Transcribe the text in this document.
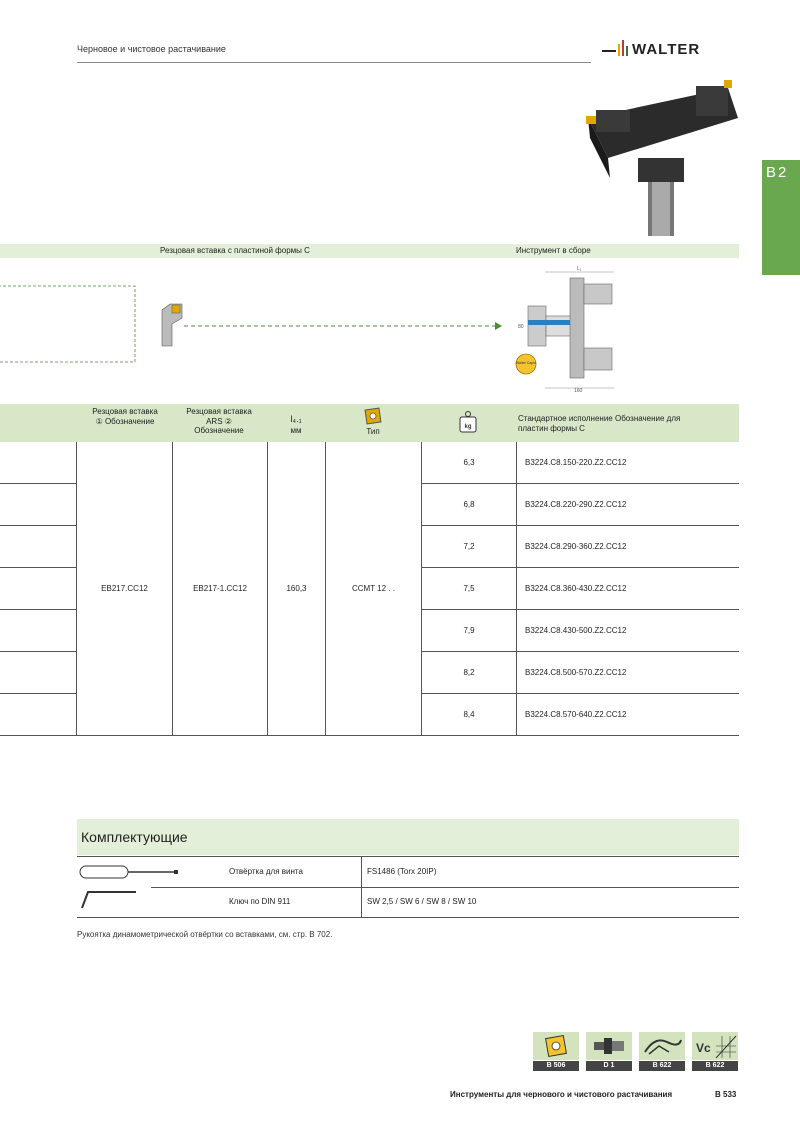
Черновое и чистовое растачивание	WALTER
B2
Резцовая вставка с пластиной формы С	Инструмент в сборе
L₁
80
160
Walter Capto
Резцовая вставка ① Обозначение
Резцовая вставка ARS ② Обозначение
l₄.₁
мм	Тип	kg
Стандартное исполнение Обозначение для пластин формы С
	EB217.CC12	EB217-1.CC12	160,3	CCMT 12 . .	6,3	B3224.C8.150-220.Z2.CC12
					6,8	B3224.C8.220-290.Z2.CC12
					7,2	B3224.C8.290-360.Z2.CC12
					7,5	B3224.C8.360-430.Z2.CC12
					7,9	B3224.C8.430-500.Z2.CC12
					8,2	B3224.C8.500-570.Z2.CC12
					8,4	B3224.C8.570-640.Z2.CC12
Комплектующие
Отвёртка для винта	FS1486 (Torx 20IP)
Ключ по DIN 911	SW 2,5 / SW 6 / SW 8 / SW 10
Рукоятка динамометрической отвёртки со вставками, см. стр. B 702.
B 506	D 1	B 622
Vc
B 622
Инструменты для чернового и чистового растачивания	B 533
